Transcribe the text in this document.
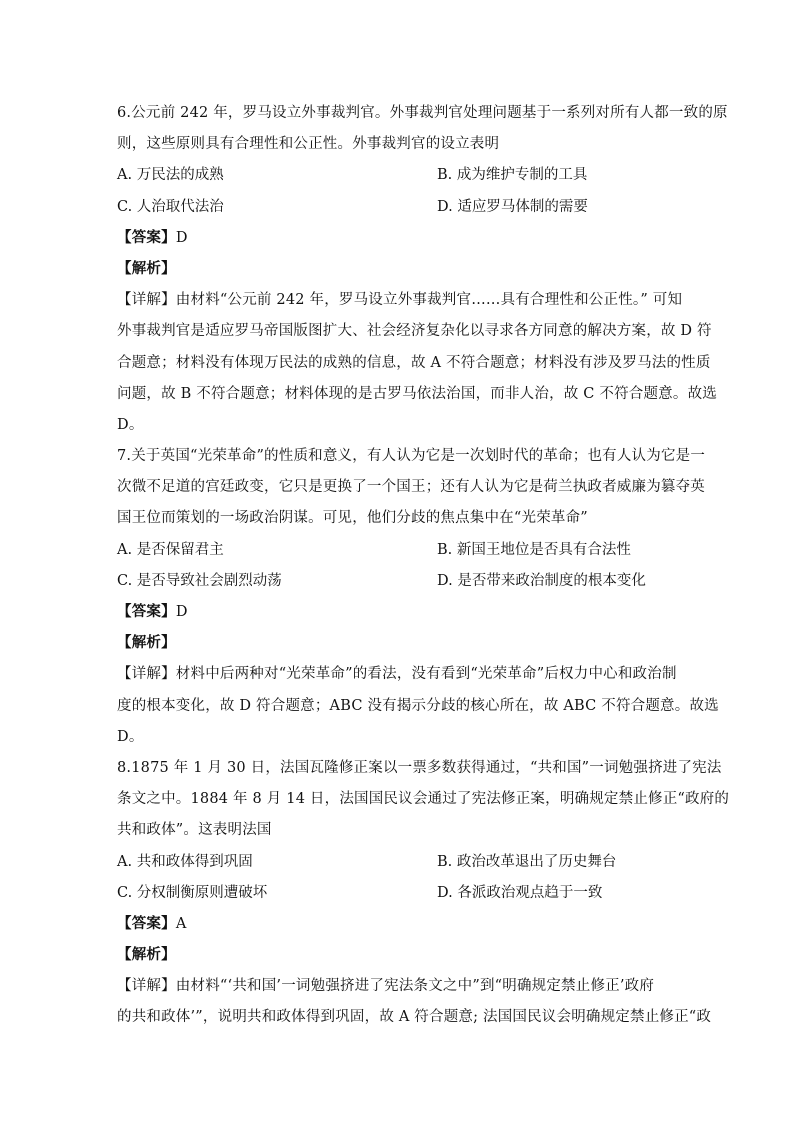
6.公元前 242 年，罗马设立外事裁判官。外事裁判官处理问题基于一系列对所有人都一致的原
则，这些原则具有合理性和公正性。外事裁判官的设立表明
A. 万民法的成熟	B. 成为维护专制的工具
C. 人治取代法治	D. 适应罗马体制的需要
【答案】D
【解析】
【详解】由材料“公元前 242 年，罗马设立外事裁判官……具有合理性和公正性。” 可知
外事裁判官是适应罗马帝国版图扩大、社会经济复杂化以寻求各方同意的解决方案，故 D 符
合题意；材料没有体现万民法的成熟的信息，故 A 不符合题意；材料没有涉及罗马法的性质
问题，故 B 不符合题意；材料体现的是古罗马依法治国，而非人治，故 C 不符合题意。故选
D。
7.关于英国“光荣革命”的性质和意义，有人认为它是一次划时代的革命；也有人认为它是一
次微不足道的宫廷政变，它只是更换了一个国王；还有人认为它是荷兰执政者威廉为篡夺英
国王位而策划的一场政治阴谋。可见，他们分歧的焦点集中在“光荣革命”
A. 是否保留君主	B. 新国王地位是否具有合法性
C. 是否导致社会剧烈动荡	D. 是否带来政治制度的根本变化
【答案】D
【解析】
【详解】材料中后两种对“光荣革命”的看法，没有看到“光荣革命”后权力中心和政治制
度的根本变化，故 D 符合题意；ABC 没有揭示分歧的核心所在，故 ABC 不符合题意。故选
D。
8.1875 年 1 月 30 日，法国瓦隆修正案以一票多数获得通过，“共和国”一词勉强挤进了宪法
条文之中。1884 年 8 月 14 日，法国国民议会通过了宪法修正案，明确规定禁止修正“政府的
共和政体”。这表明法国
A. 共和政体得到巩固	B. 政治改革退出了历史舞台
C. 分权制衡原则遭破坏	D. 各派政治观点趋于一致
【答案】A
【解析】
【详解】由材料“‘共和国’一词勉强挤进了宪法条文之中”到“明确规定禁止修正’政府
的共和政体’”，说明共和政体得到巩固，故 A 符合题意; 法国国民议会明确规定禁止修正“政
